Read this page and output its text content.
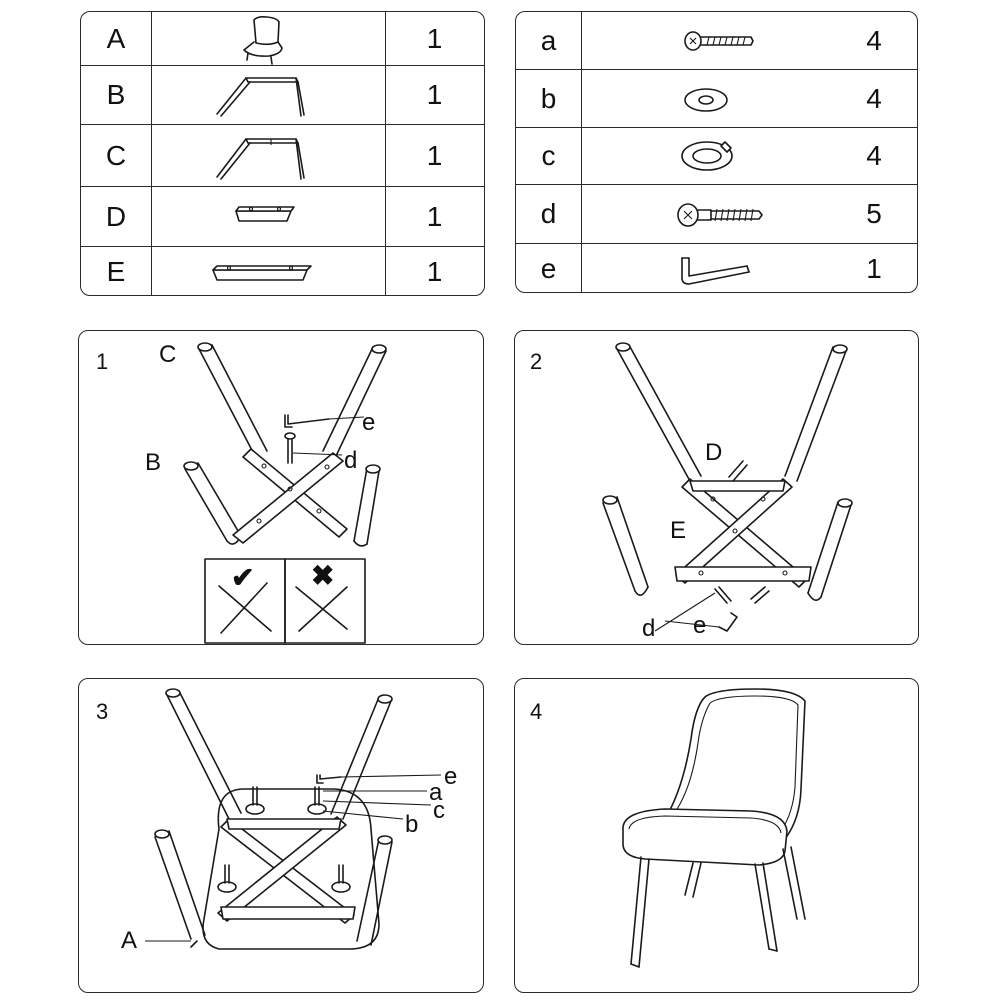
A	1
B	1
C	1
D	1
E	1
a	4
b	4
c	4
d	5
e	1
1 C
B
e
d
✔ ✖
2
D
E
d e
3
e
a
c
b
A
4
